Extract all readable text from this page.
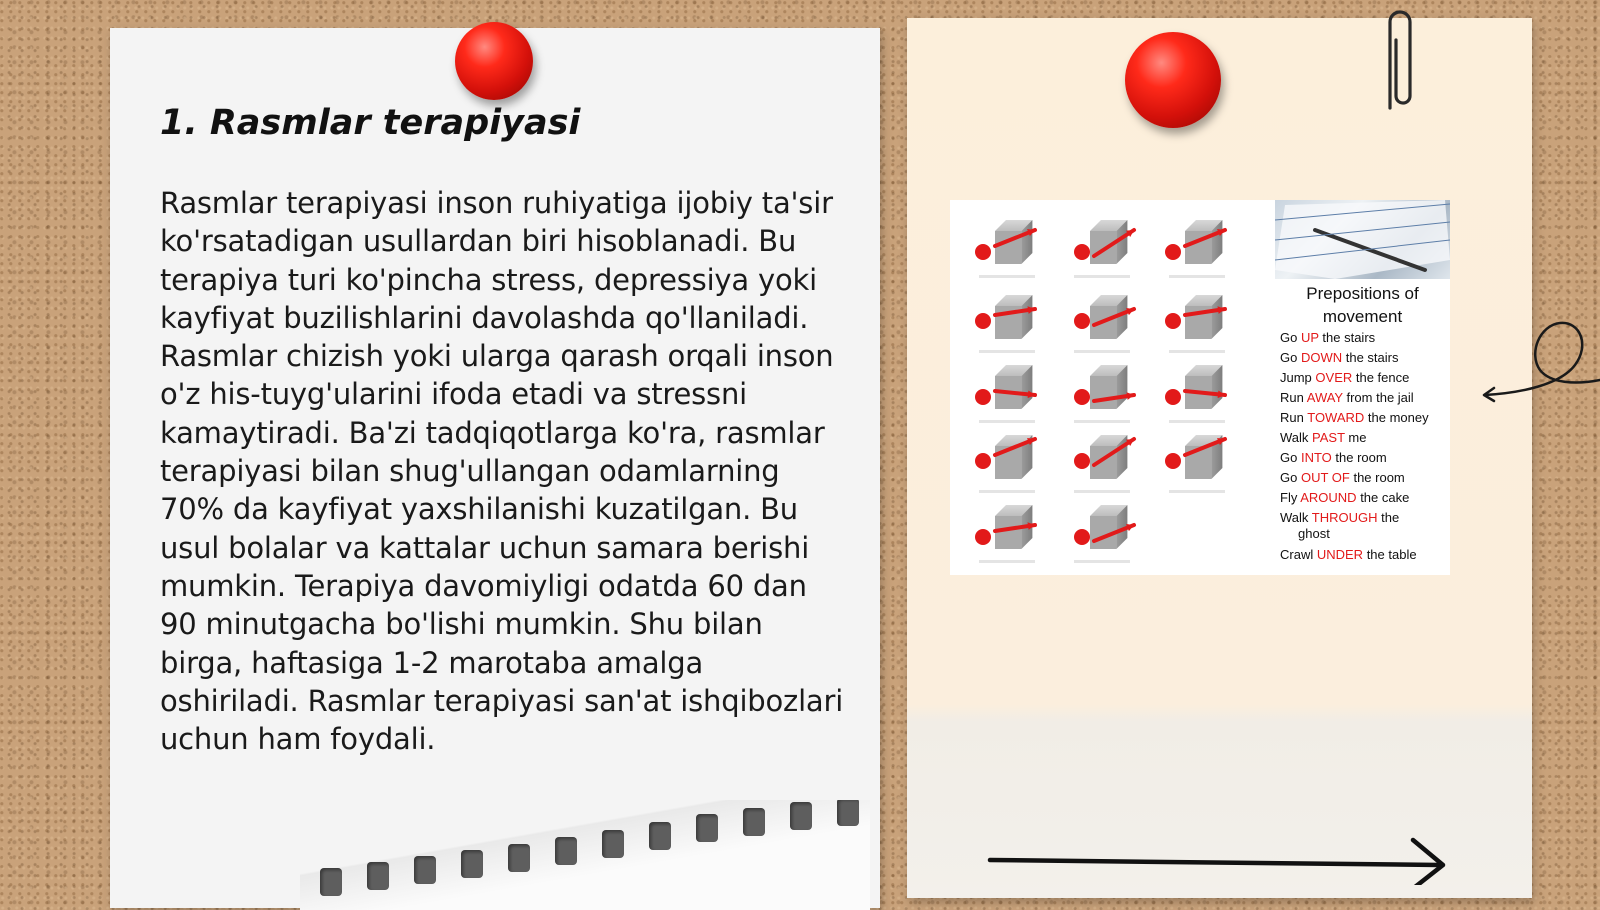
1. Rasmlar terapiyasi

Rasmlar terapiyasi inson ruhiyatiga ijobiy ta'sir ko'rsatadigan usullardan biri hisoblanadi. Bu terapiya turi ko'pincha stress, depressiya yoki kayfiyat buzilishlarini davolashda qo'llaniladi. Rasmlar chizish yoki ularga qarash orqali inson o'z his-tuyg'ularini ifoda etadi va stressni kamaytiradi. Ba'zi tadqiqotlarga ko'ra, rasmlar terapiyasi bilan shug'ullangan odamlarning 70% da kayfiyat yaxshilanishi kuzatilgan. Bu usul bolalar va kattalar uchun samara berishi mumkin. Terapiya davomiyligi odatda 60 dan 90 minutgacha bo'lishi mumkin. Shu bilan birga, haftasiga 1-2 marotaba amalga oshiriladi. Rasmlar terapiyasi san'at ishqibozlari uchun ham foydali.

Prepositions of movement

Go UP the stairs
Go DOWN the stairs
Jump OVER the fence
Run AWAY from the jail
Run TOWARD the money
Walk PAST me
Go INTO the room
Go OUT OF the room
Fly AROUND the cake
Walk THROUGH the
ghost
Crawl UNDER the table
